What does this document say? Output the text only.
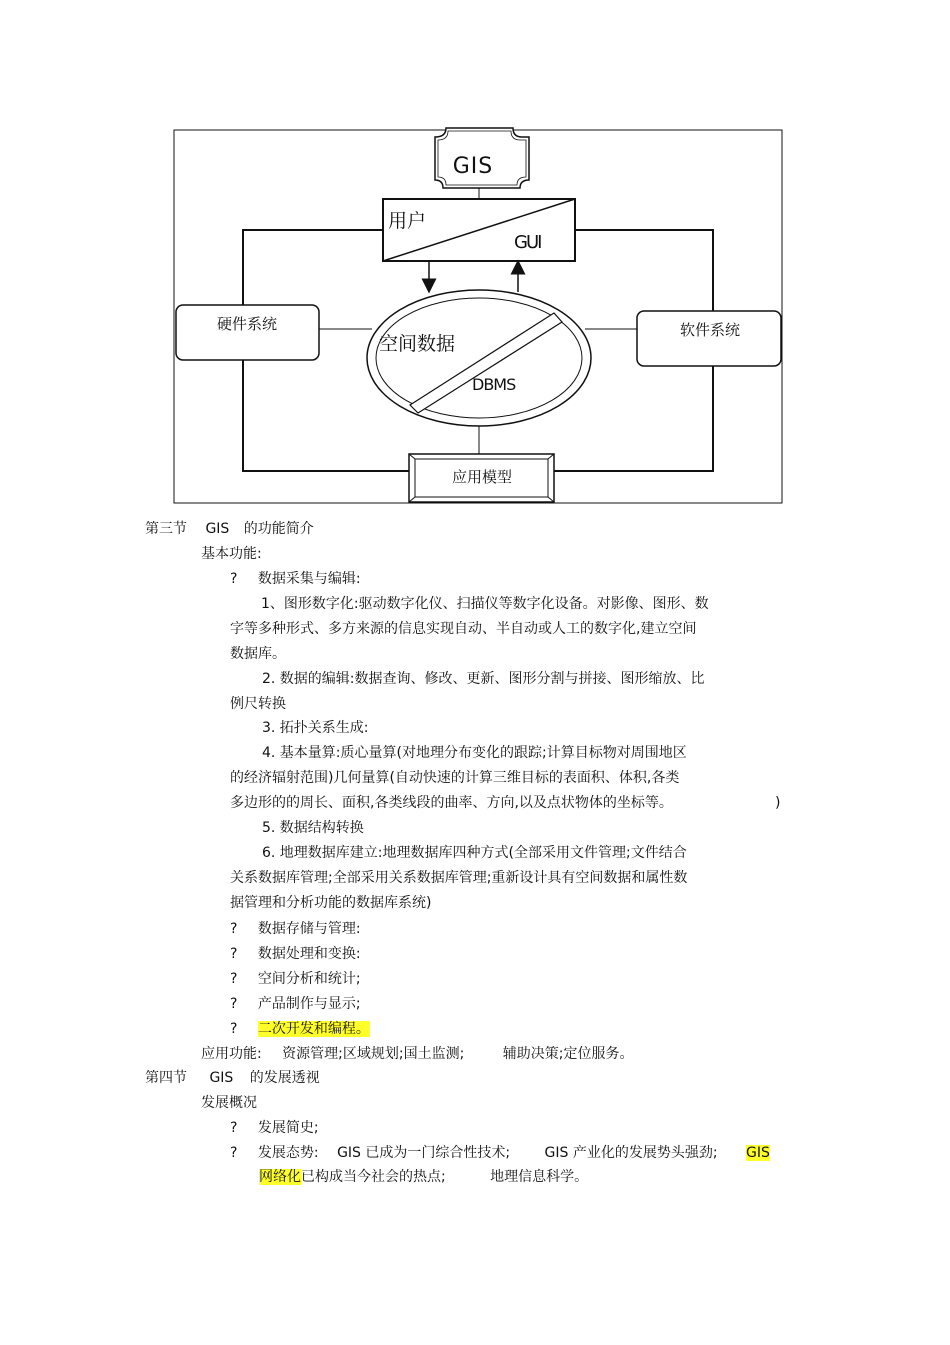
GIS
用户
GUI
空间数据
DBMS
硬件系统	软件系统
应用模型
第三节 GIS 的功能简介
基本功能:
? 数据采集与编辑:
1、图形数字化:驱动数字化仪、扫描仪等数字化设备。对影像、图形、数
字等多种形式、多方来源的信息实现自动、半自动或人工的数字化,建立空间
数据库。
2. 数据的编辑:数据查询、修改、更新、图形分割与拼接、图形缩放、比
例尺转换
3. 拓扑关系生成:
4. 基本量算:质心量算(对地理分布变化的跟踪;计算目标物对周围地区
的经济辐射范围)几何量算(自动快速的计算三维目标的表面积、体积,各类
多边形的的周长、面积,各类线段的曲率、方向,以及点状物体的坐标等。	)
5. 数据结构转换
6. 地理数据库建立:地理数据库四种方式(全部采用文件管理;文件结合
关系数据库管理;全部采用关系数据库管理;重新设计具有空间数据和属性数
据管理和分析功能的数据库系统)
? 数据存储与管理:
? 数据处理和变换:
? 空间分析和统计;
? 产品制作与显示;
? 二次开发和编程。
应用功能: 资源管理;区域规划;国土监测;	辅助决策;定位服务。
第四节 GIS 的发展透视
发展概况
? 发展简史;
? 发展态势: GIS 已成为一门综合性技术; GIS 产业化的发展势头强劲; GIS
网络化已构成当今社会的热点;	地理信息科学。
